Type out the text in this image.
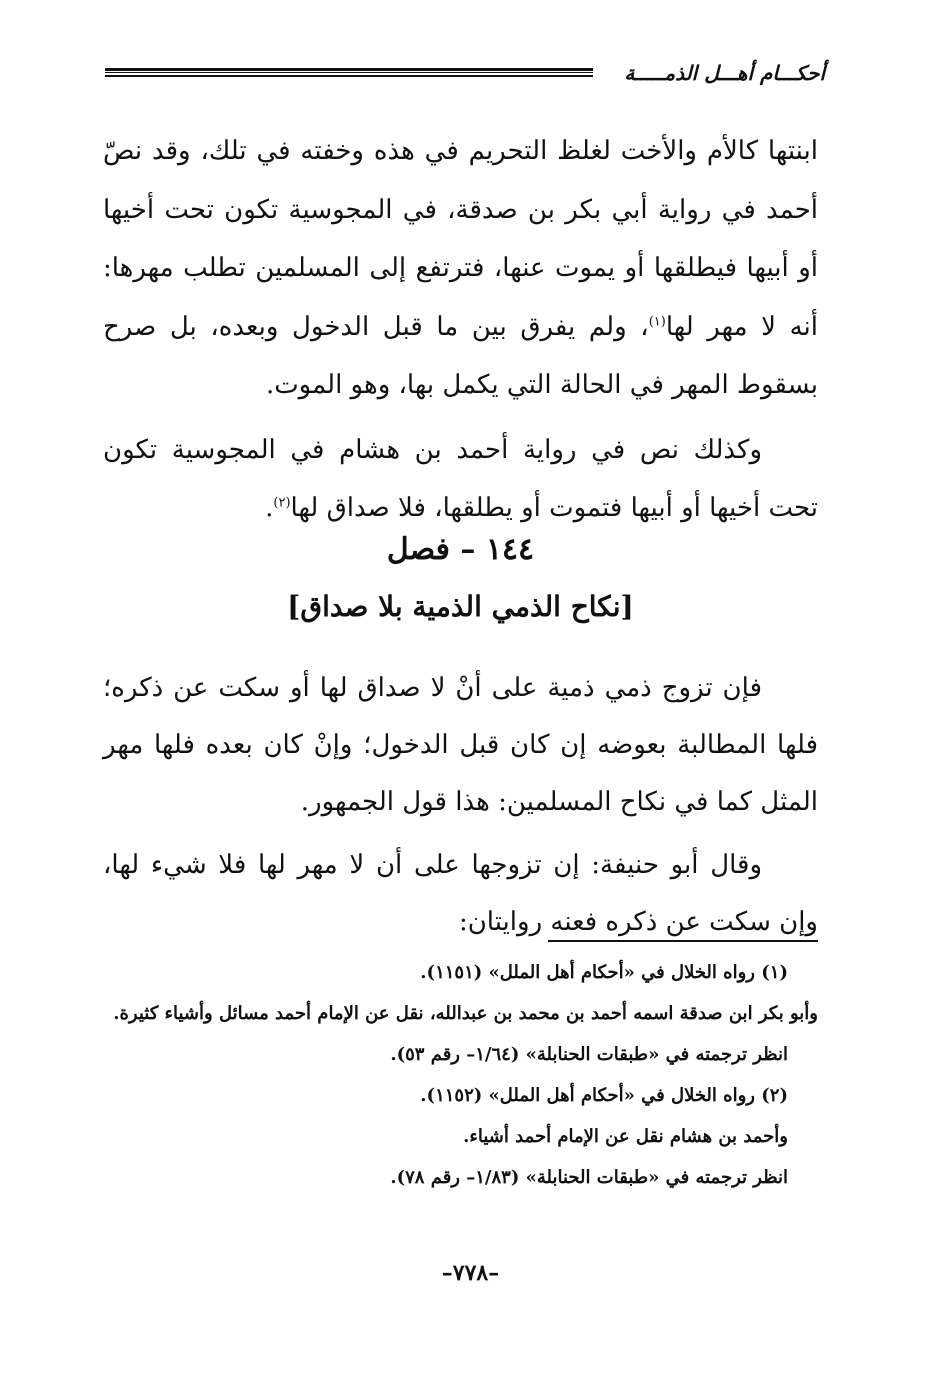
أحكـــام أهـــل الذمـــــة

ابنتها كالأم والأخت لغلظ التحريم في هذه وخفته في تلك، وقد نصّ أحمد في رواية أبي بكر بن صدقة، في المجوسية تكون تحت أخيها أو أبيها فيطلقها أو يموت عنها، فترتفع إلى المسلمين تطلب مهرها: أنه لا مهر لها$^{(١)}$، ولم يفرق بين ما قبل الدخول وبعده، بل صرح بسقوط المهر في الحالة التي يكمل بها، وهو الموت.

وكذلك نص في رواية أحمد بن هشام في المجوسية تكون تحت أخيها أو أبيها فتموت أو يطلقها، فلا صداق لها$^{(٢)}$.

١٤٤ – فصل

[نكاح الذمي الذمية بلا صداق]

فإن تزوج ذمي ذمية على أنْ لا صداق لها أو سكت عن ذكره؛ فلها المطالبة بعوضه إن كان قبل الدخول؛ وإنْ كان بعده فلها مهر المثل كما في نكاح المسلمين: هذا قول الجمهور.

وقال أبو حنيفة: إن تزوجها على أن لا مهر لها فلا شيء لها، وإن سكت عن ذكره فعنه روايتان:

(١) رواه الخلال في «أحكام أهل الملل» (١١٥١).

وأبو بكر ابن صدقة اسمه أحمد بن محمد بن عبدالله، نقل عن الإمام أحمد مسائل وأشياء كثيرة.

انظر ترجمته في «طبقات الحنابلة» (١/٦٤– رقم ٥٣).

(٢) رواه الخلال في «أحكام أهل الملل» (١١٥٢).

وأحمد بن هشام نقل عن الإمام أحمد أشياء.

انظر ترجمته في «طبقات الحنابلة» (١/٨٣– رقم ٧٨).

–٧٧٨–
